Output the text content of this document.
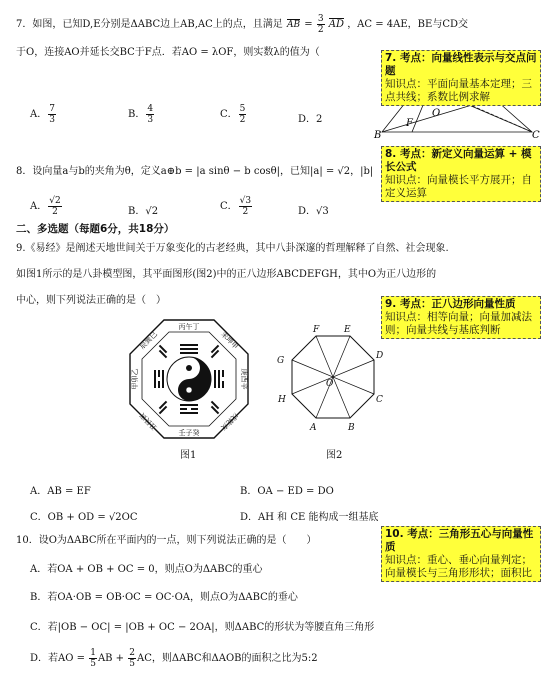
7．如图，已知D,E分别是ΔABC边上AB,AC上的点，且满足 AB = $\frac{3}{2}$ AD ，AC = 4AE，BE与CD交
于O，连接AO并延长交BC于F点．若AO = λOF，则实数λ的值为（
A． $\frac{7}{3}$	B． $\frac{4}{3}$	C． $\frac{5}{2}$	D．2
O
B
F
C
7. 考点：向量线性表示与交点问题
知识点：平面向量基本定理；三点共线；系数比例求解
8．设向量a与b的夹角为θ，定义a⊕b = |a sinθ − b cosθ|，已知|a| = √2，|b|
A． $\frac{√2}{2}$	B．√2	C． $\frac{√3}{2}$	D．√3
8. 考点：新定义向量运算 + 模长公式
知识点：向量模长平方展开；自定义运算
二、多选题（每题6分，共18分）
9.《易经》是阐述天地世间关于万象变化的古老经典，其中八卦深邃的哲理解释了自然、社会现象.
如图1所示的是八卦模型图，其平面图形(图2)中的正八边形ABCDEFGH，其中O为正八边形的
中心，则下列说法正确的是（　）
丙午丁
未坤申
庚酉辛
戌乾亥
壬子癸
丑艮寅
甲卯乙
辰巽巳
图1
F	E
G	D
H	C
A	B
O
图2
A．AB = EF	B．OA − ED = DO
C．OB + OD = √2OC	D．AH 和 CE 能构成一组基底
9. 考点：正八边形向量性质
知识点：相等向量；向量加减法则；向量共线与基底判断
10．设O为ΔABC所在平面内的一点，则下列说法正确的是（　　）
A．若OA + OB + OC = 0，则点O为ΔABC的重心
B．若OA·OB = OB·OC = OC·OA，则点O为ΔABC的垂心
C．若|OB − OC| = |OB + OC − 2OA|，则ΔABC的形状为等腰直角三角形
D．若AO = $\frac{1}{5}$ AB + $\frac{2}{5}$ AC，则ΔABC和ΔAOB的面积之比为5:2
10. 考点：三角形五心与向量性质
知识点：重心、垂心向量判定；向量模长与三角形形状；面积比
